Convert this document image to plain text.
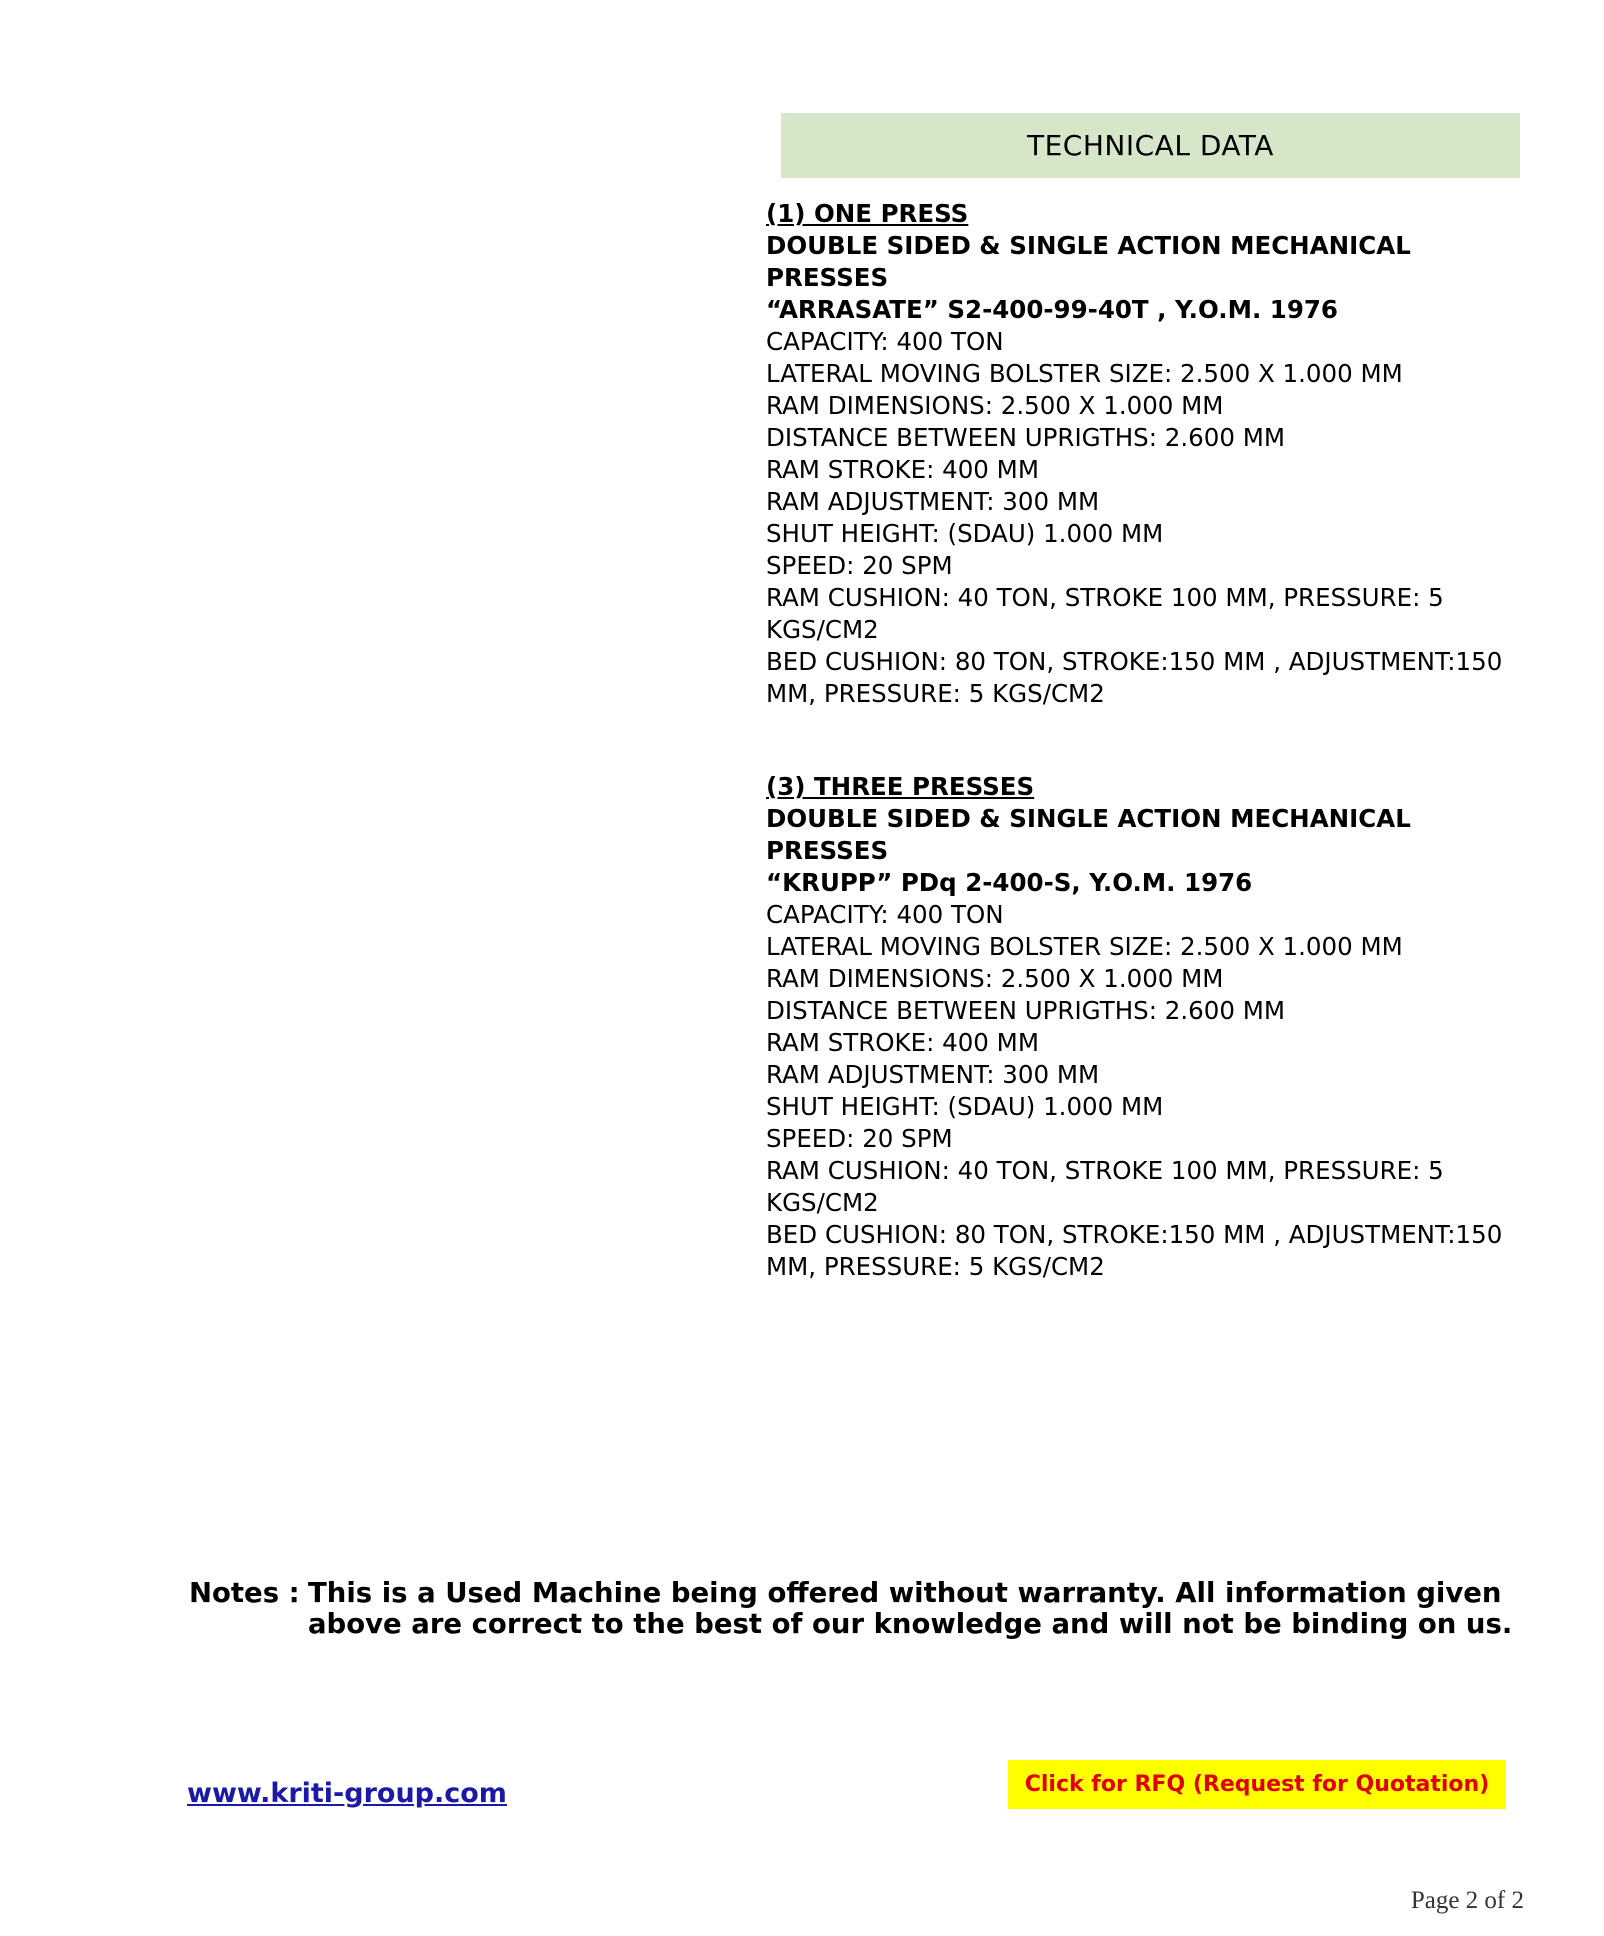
TECHNICAL DATA
(1) ONE PRESS
DOUBLE SIDED & SINGLE ACTION MECHANICAL PRESSES
“ARRASATE” S2-400-99-40T , Y.O.M. 1976
CAPACITY: 400 TON
LATERAL MOVING BOLSTER SIZE: 2.500 X 1.000 MM
RAM DIMENSIONS: 2.500 X 1.000 MM
DISTANCE BETWEEN UPRIGTHS: 2.600 MM
RAM STROKE: 400 MM
RAM ADJUSTMENT: 300 MM
SHUT HEIGHT: (SDAU) 1.000 MM
SPEED: 20 SPM
RAM CUSHION: 40 TON, STROKE 100 MM, PRESSURE: 5 KGS/CM2
BED CUSHION: 80 TON, STROKE:150 MM , ADJUSTMENT:150 MM, PRESSURE: 5 KGS/CM2
(3) THREE PRESSES
DOUBLE SIDED & SINGLE ACTION MECHANICAL PRESSES
“KRUPP” PDq 2-400-S, Y.O.M. 1976
CAPACITY: 400 TON
LATERAL MOVING BOLSTER SIZE: 2.500 X 1.000 MM
RAM DIMENSIONS: 2.500 X 1.000 MM
DISTANCE BETWEEN UPRIGTHS: 2.600 MM
RAM STROKE: 400 MM
RAM ADJUSTMENT: 300 MM
SHUT HEIGHT: (SDAU) 1.000 MM
SPEED: 20 SPM
RAM CUSHION: 40 TON, STROKE 100 MM, PRESSURE: 5 KGS/CM2
BED CUSHION: 80 TON, STROKE:150 MM , ADJUSTMENT:150 MM, PRESSURE: 5 KGS/CM2
Notes : This is a Used Machine being offered without warranty. All information given above are correct to the best of our knowledge and will not be binding on us.
www.kriti-group.com	Click for RFQ (Request for Quotation)
Page 2 of 2
